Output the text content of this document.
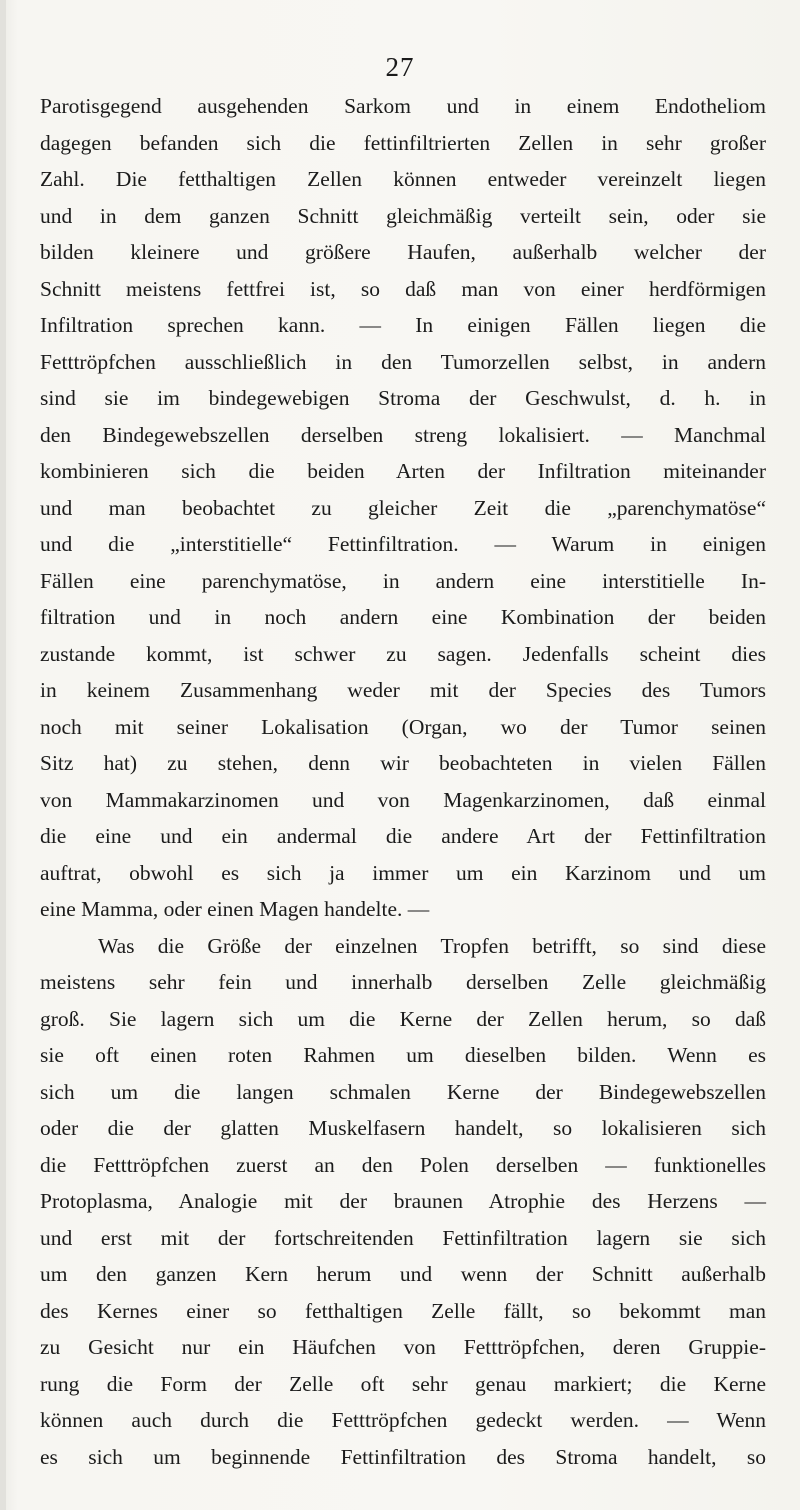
27
Parotisgegend ausgehenden Sarkom und in einem Endotheliom
dagegen befanden sich die fettinfiltrierten Zellen in sehr großer
Zahl. Die fetthaltigen Zellen können entweder vereinzelt liegen
und in dem ganzen Schnitt gleichmäßig verteilt sein, oder sie
bilden kleinere und größere Haufen, außerhalb welcher der
Schnitt meistens fettfrei ist, so daß man von einer herdförmigen
Infiltration sprechen kann. — In einigen Fällen liegen die
Fetttröpfchen ausschließlich in den Tumorzellen selbst, in andern
sind sie im bindegewebigen Stroma der Geschwulst, d. h. in
den Bindegewebszellen derselben streng lokalisiert. — Manchmal
kombinieren sich die beiden Arten der Infiltration miteinander
und man beobachtet zu gleicher Zeit die „parenchymatöse“
und die „interstitielle“ Fettinfiltration. — Warum in einigen
Fällen eine parenchymatöse, in andern eine interstitielle In-
filtration und in noch andern eine Kombination der beiden
zustande kommt, ist schwer zu sagen. Jedenfalls scheint dies
in keinem Zusammenhang weder mit der Species des Tumors
noch mit seiner Lokalisation (Organ, wo der Tumor seinen
Sitz hat) zu stehen, denn wir beobachteten in vielen Fällen
von Mammakarzinomen und von Magenkarzinomen, daß einmal
die eine und ein andermal die andere Art der Fettinfiltration
auftrat, obwohl es sich ja immer um ein Karzinom und um
eine Mamma, oder einen Magen handelte. —
Was die Größe der einzelnen Tropfen betrifft, so sind diese
meistens sehr fein und innerhalb derselben Zelle gleichmäßig
groß. Sie lagern sich um die Kerne der Zellen herum, so daß
sie oft einen roten Rahmen um dieselben bilden. Wenn es
sich um die langen schmalen Kerne der Bindegewebszellen
oder die der glatten Muskelfasern handelt, so lokalisieren sich
die Fetttröpfchen zuerst an den Polen derselben — funktionelles
Protoplasma, Analogie mit der braunen Atrophie des Herzens —
und erst mit der fortschreitenden Fettinfiltration lagern sie sich
um den ganzen Kern herum und wenn der Schnitt außerhalb
des Kernes einer so fetthaltigen Zelle fällt, so bekommt man
zu Gesicht nur ein Häufchen von Fetttröpfchen, deren Gruppie-
rung die Form der Zelle oft sehr genau markiert; die Kerne
können auch durch die Fetttröpfchen gedeckt werden. — Wenn
es sich um beginnende Fettinfiltration des Stroma handelt, so
